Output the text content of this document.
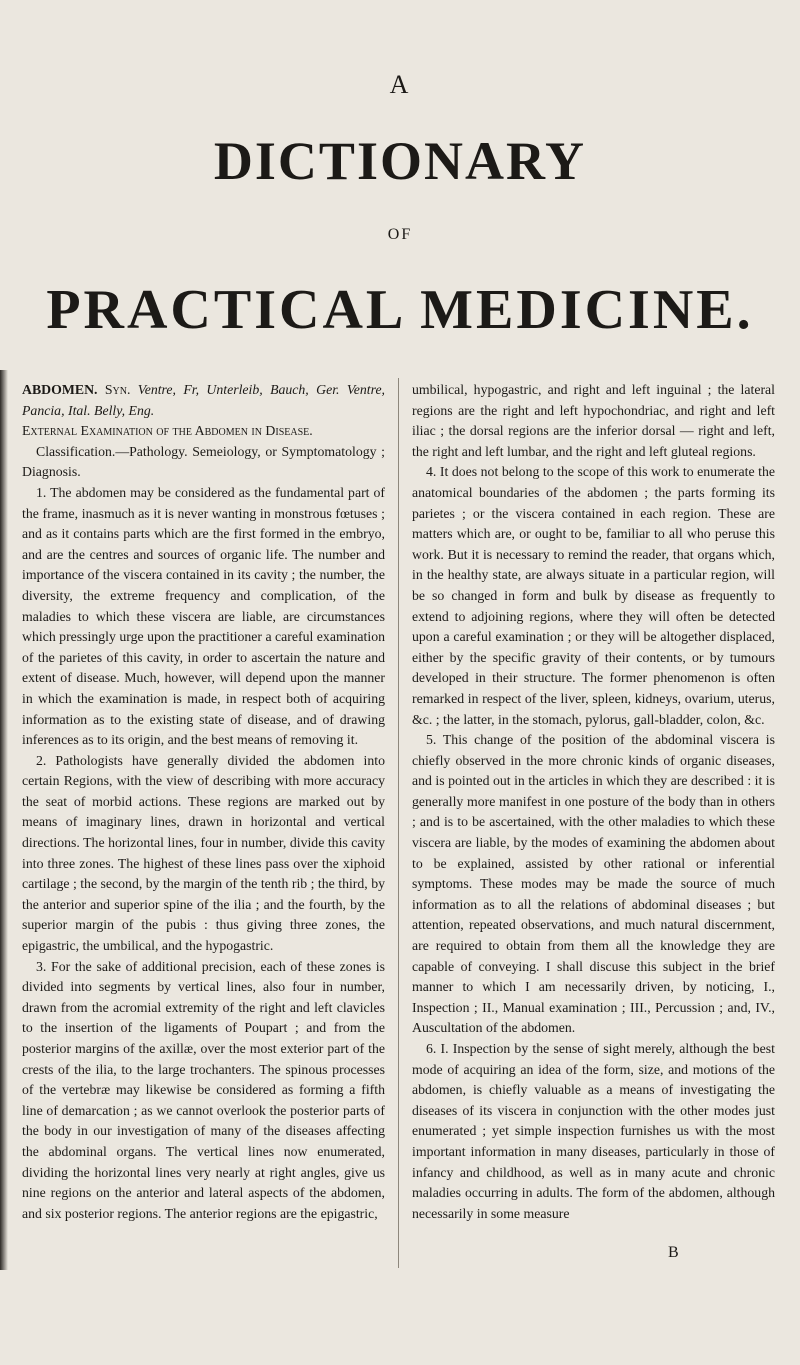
A
DICTIONARY
OF
PRACTICAL MEDICINE.

ABDOMEN. Syn. Ventre, Fr, Unterleib, Bauch, Ger. Ventre, Pancia, Ital. Belly, Eng.

External Examination of the Abdomen in Disease.

Classification.—Pathology. Semeiology, or Symptomatology ; Diagnosis.

1. The abdomen may be considered as the fundamental part of the frame, inasmuch as it is never wanting in monstrous fœtuses ; and as it contains parts which are the first formed in the embryo, and are the centres and sources of organic life. The number and importance of the viscera contained in its cavity ; the number, the diversity, the extreme frequency and complication, of the maladies to which these viscera are liable, are circumstances which pressingly urge upon the practitioner a careful examination of the parietes of this cavity, in order to ascertain the nature and extent of disease. Much, however, will depend upon the manner in which the examination is made, in respect both of acquiring information as to the existing state of disease, and of drawing inferences as to its origin, and the best means of removing it.

2. Pathologists have generally divided the abdomen into certain Regions, with the view of describing with more accuracy the seat of morbid actions. These regions are marked out by means of imaginary lines, drawn in horizontal and vertical directions. The horizontal lines, four in number, divide this cavity into three zones. The highest of these lines pass over the xiphoid cartilage ; the second, by the margin of the tenth rib ; the third, by the anterior and superior spine of the ilia ; and the fourth, by the superior margin of the pubis : thus giving three zones, the epigastric, the umbilical, and the hypogastric.

3. For the sake of additional precision, each of these zones is divided into segments by vertical lines, also four in number, drawn from the acromial extremity of the right and left clavicles to the insertion of the ligaments of Poupart ; and from the posterior margins of the axillæ, over the most exterior part of the crests of the ilia, to the large trochanters. The spinous processes of the vertebræ may likewise be considered as forming a fifth line of demarcation ; as we cannot overlook the posterior parts of the body in our investigation of many of the diseases affecting the abdominal organs. The vertical lines now enumerated, dividing the horizontal lines very nearly at right angles, give us nine regions on the anterior and lateral aspects of the abdomen, and six posterior regions. The anterior regions are the epigastric,

umbilical, hypogastric, and right and left inguinal ; the lateral regions are the right and left hypochondriac, and right and left iliac ; the dorsal regions are the inferior dorsal — right and left, the right and left lumbar, and the right and left gluteal regions.

4. It does not belong to the scope of this work to enumerate the anatomical boundaries of the abdomen ; the parts forming its parietes ; or the viscera contained in each region. These are matters which are, or ought to be, familiar to all who peruse this work. But it is necessary to remind the reader, that organs which, in the healthy state, are always situate in a particular region, will be so changed in form and bulk by disease as frequently to extend to adjoining regions, where they will often be detected upon a careful examination ; or they will be altogether displaced, either by the specific gravity of their contents, or by tumours developed in their structure. The former phenomenon is often remarked in respect of the liver, spleen, kidneys, ovarium, uterus, &c. ; the latter, in the stomach, pylorus, gall-bladder, colon, &c.

5. This change of the position of the abdominal viscera is chiefly observed in the more chronic kinds of organic diseases, and is pointed out in the articles in which they are described : it is generally more manifest in one posture of the body than in others ; and is to be ascertained, with the other maladies to which these viscera are liable, by the modes of examining the abdomen about to be explained, assisted by other rational or inferential symptoms. These modes may be made the source of much information as to all the relations of abdominal diseases ; but attention, repeated observations, and much natural discernment, are required to obtain from them all the knowledge they are capable of conveying. I shall discuse this subject in the brief manner to which I am necessarily driven, by noticing, I., Inspection ; II., Manual examination ; III., Percussion ; and, IV., Auscultation of the abdomen.

6. I. Inspection by the sense of sight merely, although the best mode of acquiring an idea of the form, size, and motions of the abdomen, is chiefly valuable as a means of investigating the diseases of its viscera in conjunction with the other modes just enumerated ; yet simple inspection furnishes us with the most important information in many diseases, particularly in those of infancy and childhood, as well as in many acute and chronic maladies occurring in adults. The form of the abdomen, although necessarily in some measure

B
